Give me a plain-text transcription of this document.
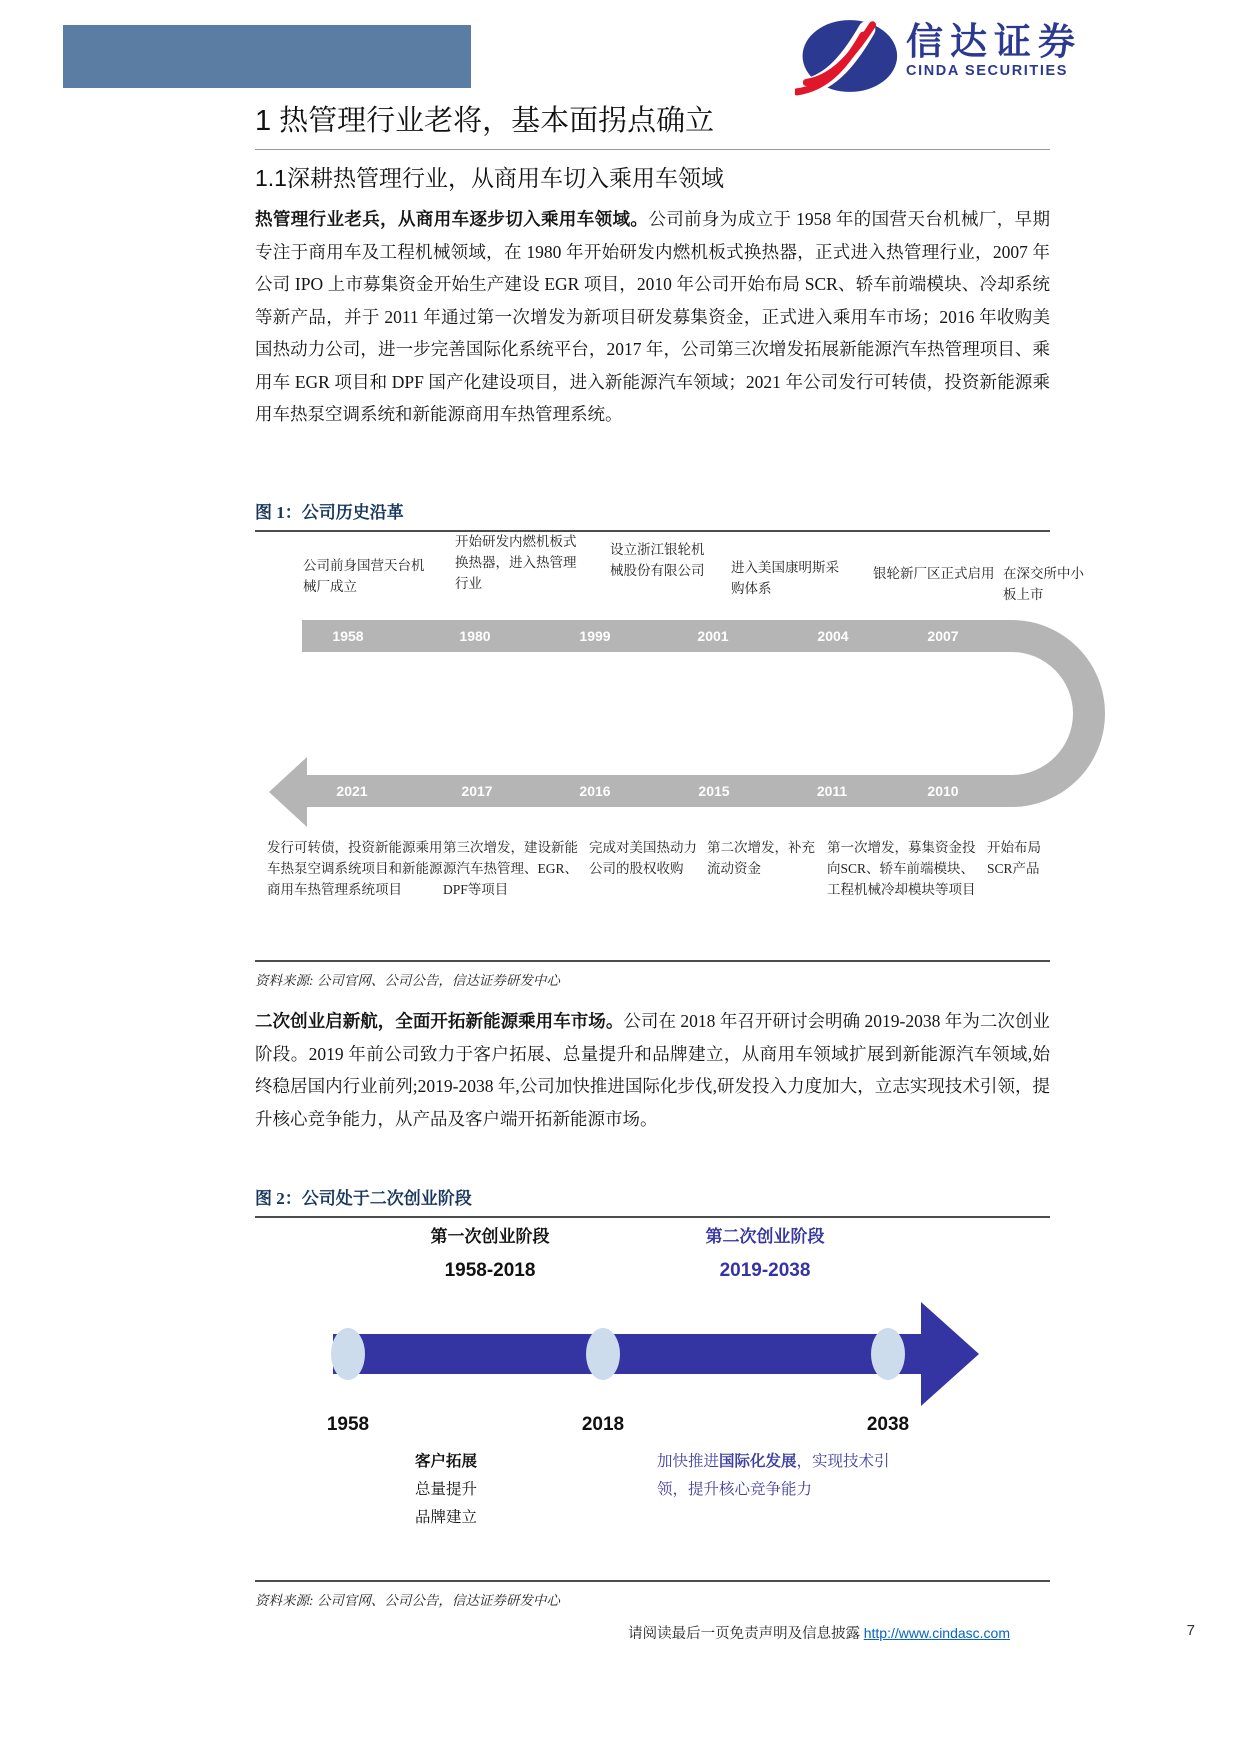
信达证券
CINDA SECURITIES
1 热管理行业老将，基本面拐点确立
1.1深耕热管理行业，从商用车切入乘用车领域
热管理行业老兵，从商用车逐步切入乘用车领域。公司前身为成立于 1958 年的国营天台机械厂，早期专注于商用车及工程机械领域，在 1980 年开始研发内燃机板式换热器，正式进入热管理行业，2007 年公司 IPO 上市募集资金开始生产建设 EGR 项目，2010 年公司开始布局 SCR、轿车前端模块、冷却系统等新产品，并于 2011 年通过第一次增发为新项目研发募集资金，正式进入乘用车市场；2016 年收购美国热动力公司，进一步完善国际化系统平台，2017 年，公司第三次增发拓展新能源汽车热管理项目、乘用车 EGR 项目和 DPF 国产化建设项目，进入新能源汽车领域；2021 年公司发行可转债，投资新能源乘用车热泵空调系统和新能源商用车热管理系统。
图 1：公司历史沿革
公司前身国营天台机械厂成立
开始研发内燃机板式换热器，进入热管理行业
设立浙江银轮机械股份有限公司	进入美国康明斯采购体系
银轮新厂区正式启用 在深交所中小板上市
1958	1980	1999	2001	2004	2007
2021	2017	2016	2015	2011	2010
发行可转债，投资新能源乘用车热泵空调系统项目和新能源商用车热管理系统项目
第三次增发，建设新能源汽车热管理、EGR、DPF等项目
完成对美国热动力公司的股权收购
第二次增发，补充流动资金
第一次增发，募集资金投向SCR、轿车前端模块、工程机械冷却模块等项目
开始布局SCR产品
资料来源: 公司官网、公司公告，信达证券研发中心
二次创业启新航，全面开拓新能源乘用车市场。公司在 2018 年召开研讨会明确 2019-2038 年为二次创业阶段。2019 年前公司致力于客户拓展、总量提升和品牌建立，从商用车领域扩展到新能源汽车领域,始终稳居国内行业前列;2019-2038 年,公司加快推进国际化步伐,研发投入力度加大，立志实现技术引领，提升核心竞争能力，从产品及客户端开拓新能源市场。
图 2：公司处于二次创业阶段
第一次创业阶段
1958-2018
第二次创业阶段
2019-2038
1958	2018	2038
客户拓展
总量提升
品牌建立
加快推进国际化发展，实现技术引领，提升核心竞争能力
资料来源: 公司官网、公司公告，信达证券研发中心
请阅读最后一页免责声明及信息披露 http://www.cindasc.com	7
